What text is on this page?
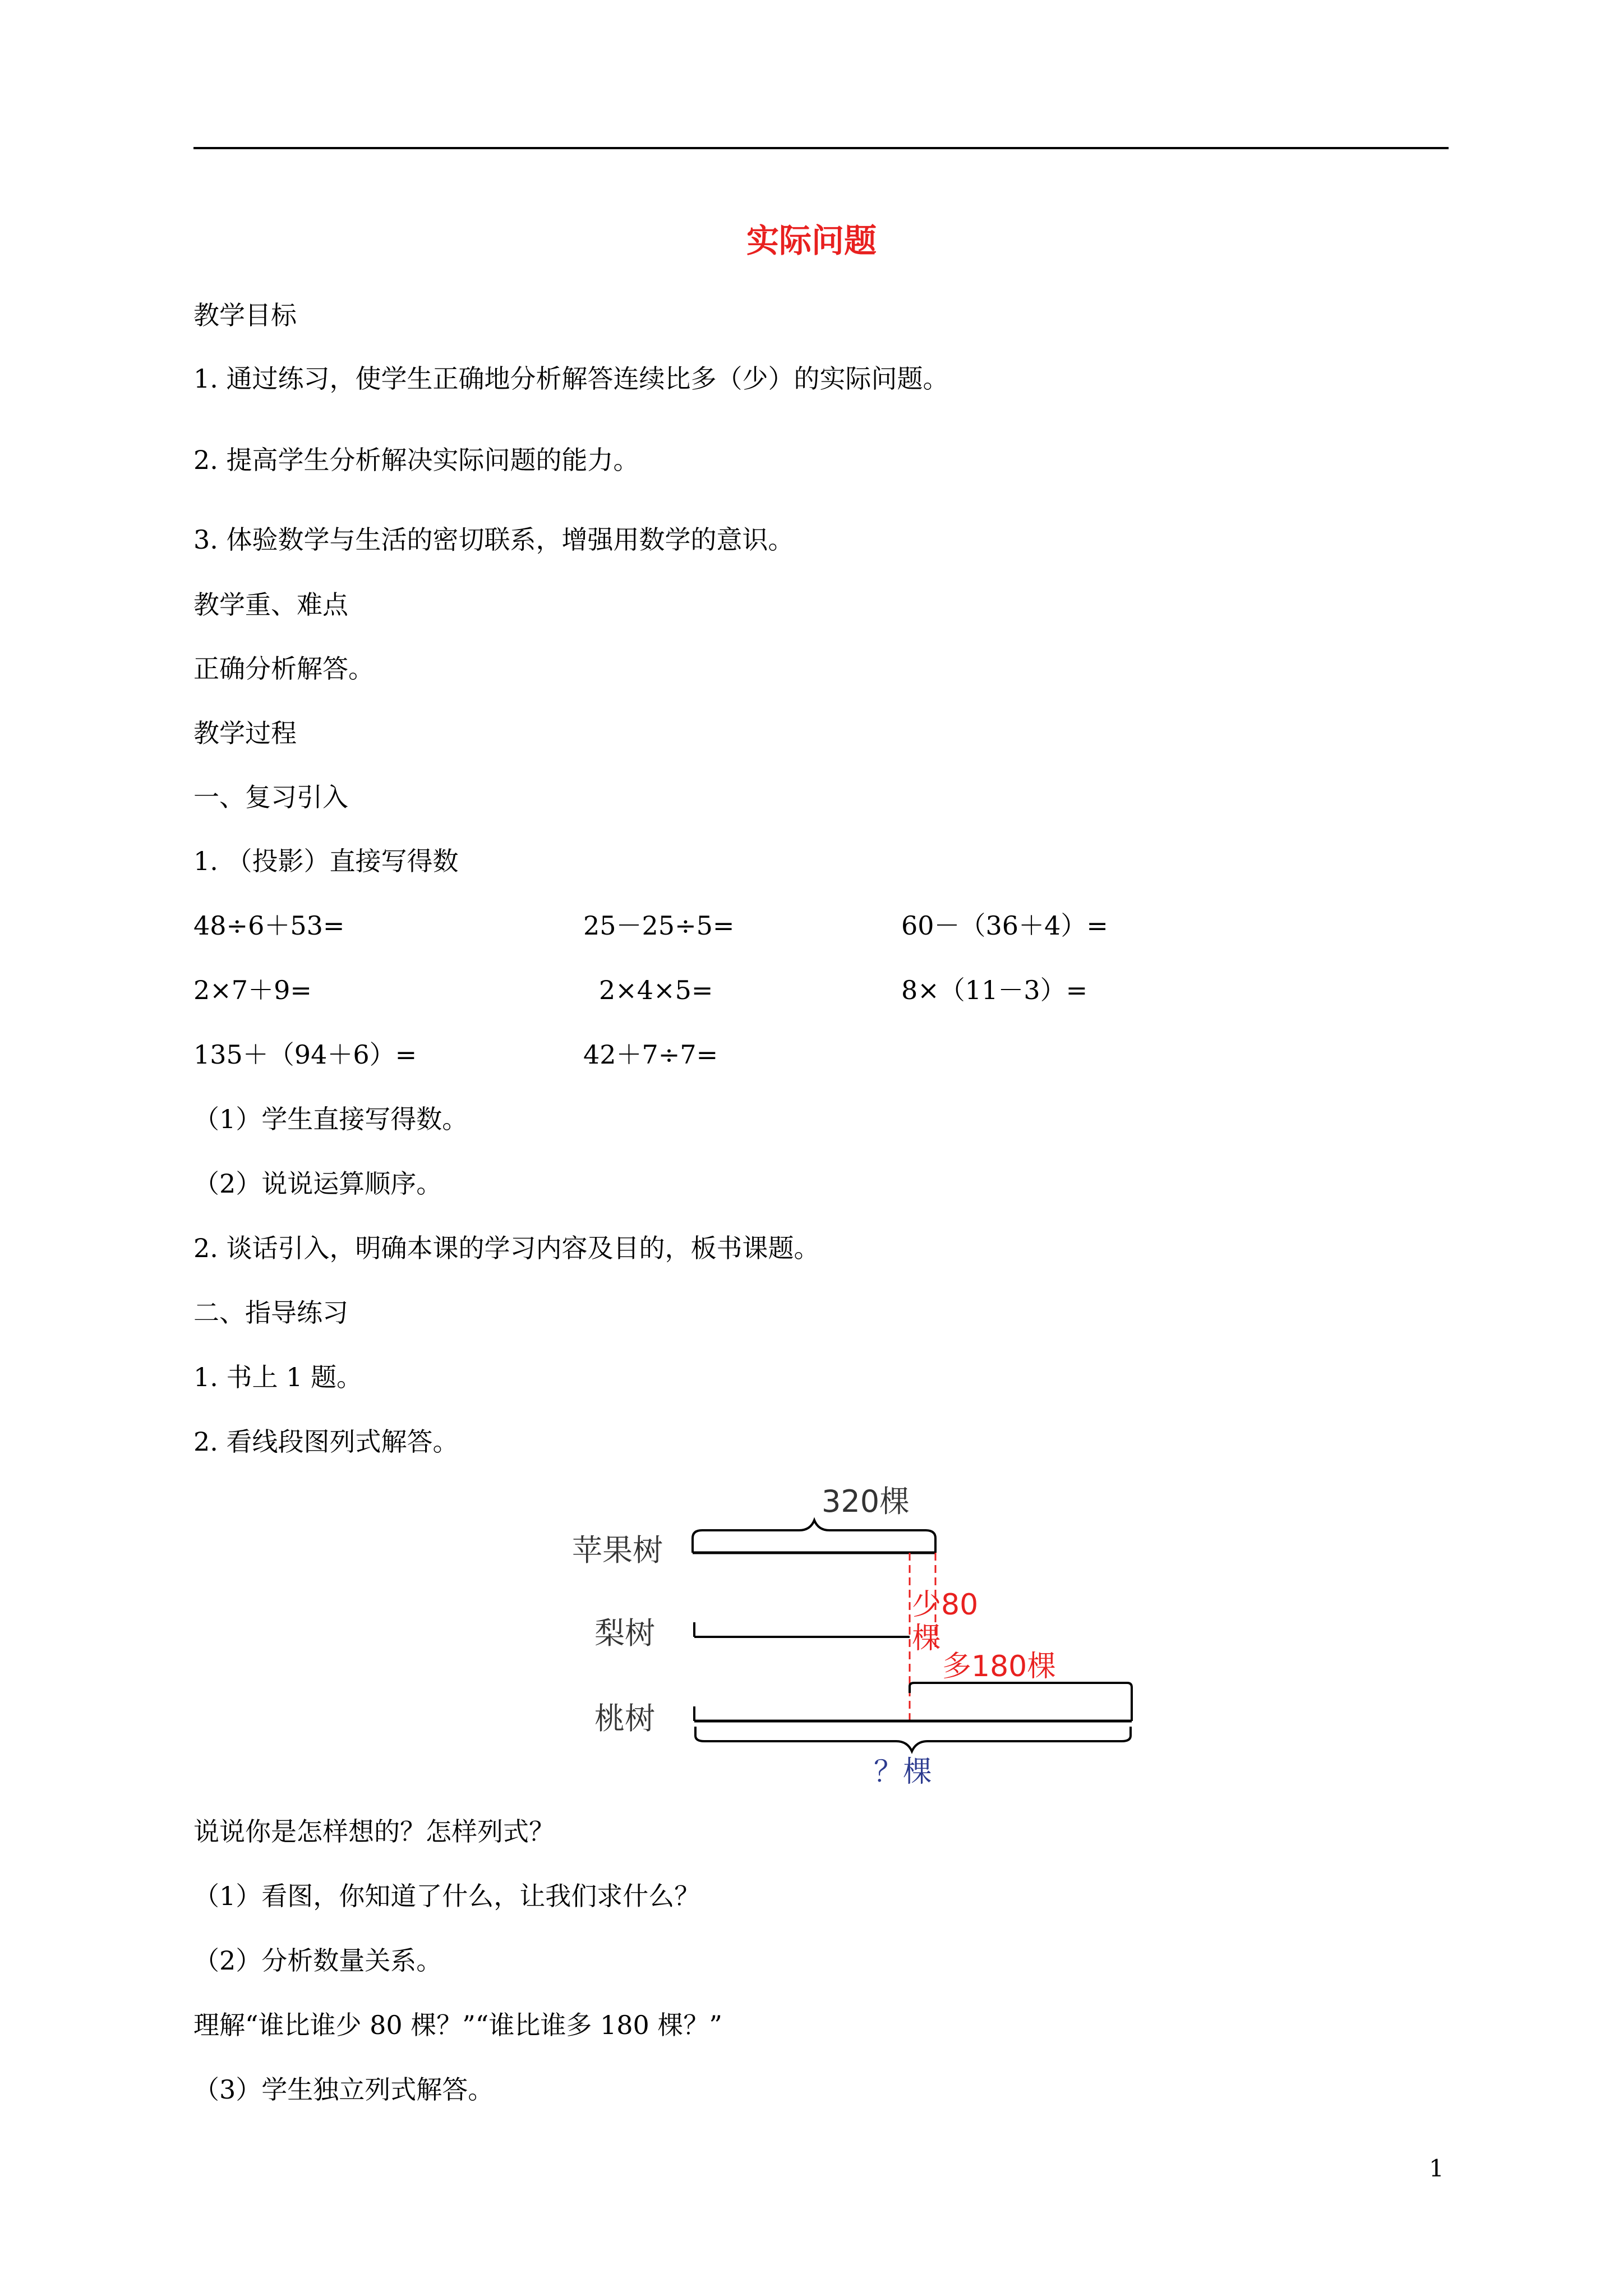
实际问题
教学目标
1. 通过练习，使学生正确地分析解答连续比多（少）的实际问题。
2. 提高学生分析解决实际问题的能力。
3. 体验数学与生活的密切联系，增强用数学的意识。
教学重、难点
正确分析解答。
教学过程
一、复习引入
1. （投影）直接写得数
48÷6＋53=	25－25÷5=	60－（36＋4）=
2×7＋9=	2×4×5=	8×（11－3）=
135＋（94＋6）=	42＋7÷7=
（1）学生直接写得数。
（2）说说运算顺序。
2. 谈话引入，明确本课的学习内容及目的，板书课题。
二、指导练习
1. 书上 1 题。
2. 看线段图列式解答。
320棵
苹果树
梨树
少80
棵
多180棵
桃树
？棵
说说你是怎样想的？怎样列式？
（1）看图，你知道了什么，让我们求什么？
（2）分析数量关系。
理解“谁比谁少 80 棵？”“谁比谁多 180 棵？”
（3）学生独立列式解答。
1
